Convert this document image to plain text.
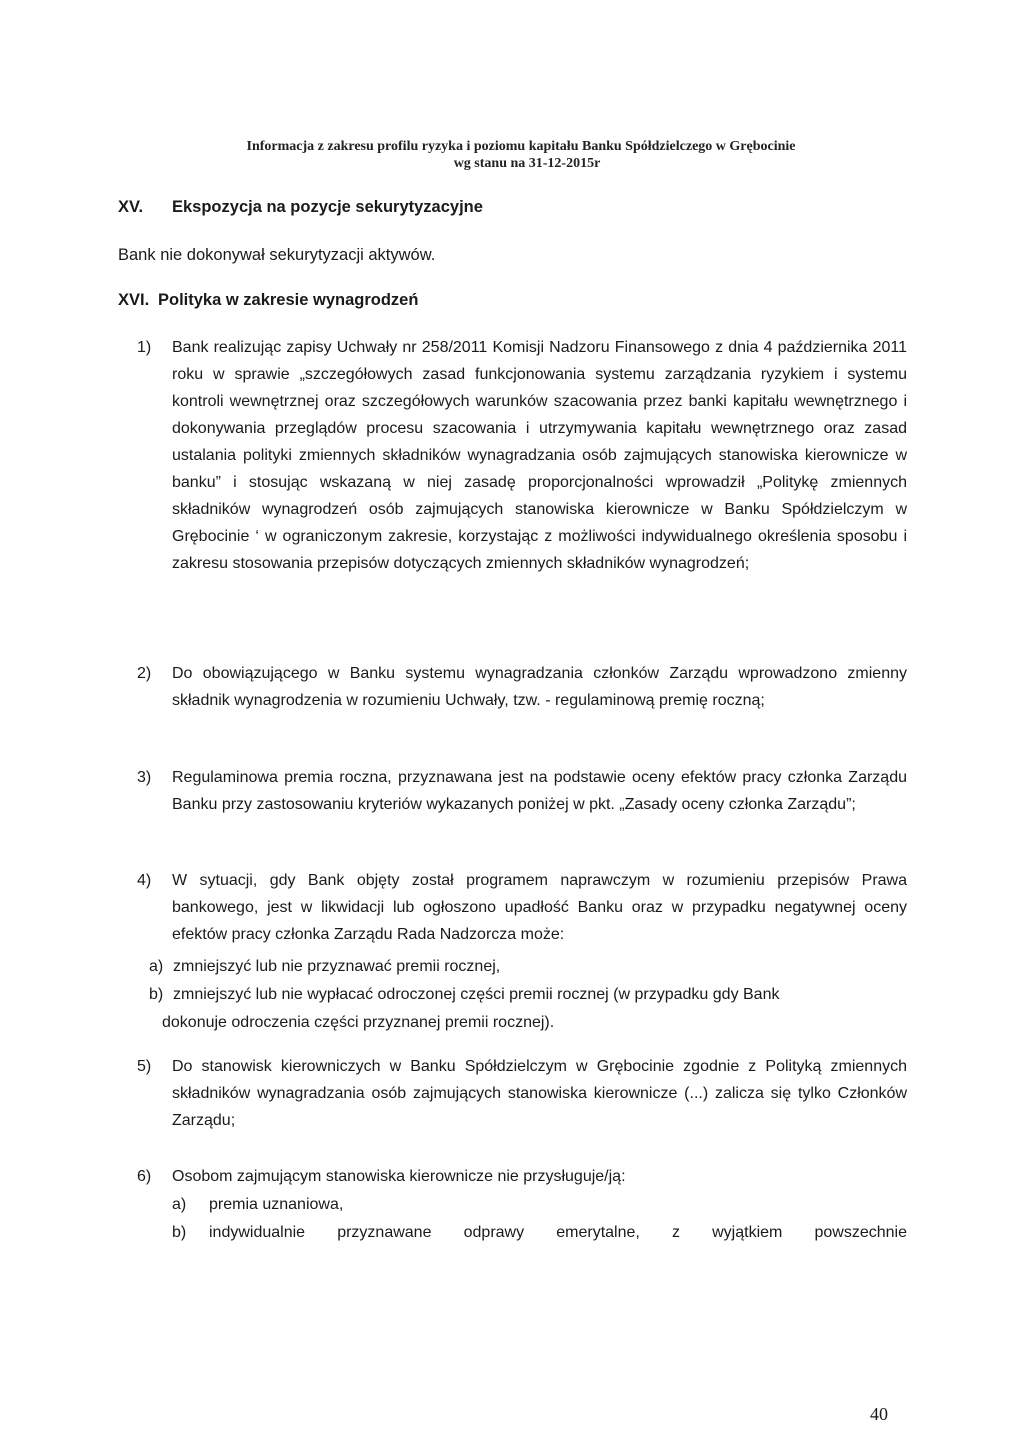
Informacja z zakresu profilu ryzyka i poziomu kapitału Banku Spółdzielczego w Grębocinie
wg stanu na 31-12-2015r
XV. Ekspozycja na pozycje sekurytyzacyjne
Bank nie dokonywał sekurytyzacji aktywów.
XVI. Polityka w zakresie wynagrodzeń
1) Bank realizując zapisy Uchwały nr 258/2011 Komisji Nadzoru Finansowego z dnia 4 października 2011 roku w sprawie „szczegółowych zasad funkcjonowania systemu zarządzania ryzykiem i systemu kontroli wewnętrznej oraz szczegółowych warunków szacowania przez banki kapitału wewnętrznego i dokonywania przeglądów procesu szacowania i utrzymywania kapitału wewnętrznego oraz zasad ustalania polityki zmiennych składników wynagradzania osób zajmujących stanowiska kierownicze w banku” i stosując wskazaną w niej zasadę proporcjonalności wprowadził „Politykę zmiennych składników wynagrodzeń osób zajmujących stanowiska kierownicze w Banku Spółdzielczym w Grębocinie ‘ w ograniczonym zakresie, korzystając z możliwości indywidualnego określenia sposobu i zakresu stosowania przepisów dotyczących zmiennych składników wynagrodzeń;
2) Do obowiązującego w Banku systemu wynagradzania członków Zarządu wprowadzono zmienny składnik wynagrodzenia w rozumieniu Uchwały, tzw. - regulaminową premię roczną;
3) Regulaminowa premia roczna, przyznawana jest na podstawie oceny efektów pracy członka Zarządu Banku przy zastosowaniu kryteriów wykazanych poniżej w pkt. „Zasady oceny członka Zarządu”;
4) W sytuacji, gdy Bank objęty został programem naprawczym w rozumieniu przepisów Prawa bankowego, jest w likwidacji lub ogłoszono upadłość Banku oraz w przypadku negatywnej oceny efektów pracy członka Zarządu Rada Nadzorcza może:
a) zmniejszyć lub nie przyznawać premii rocznej,
b) zmniejszyć lub nie wypłacać odroczonej części premii rocznej (w przypadku gdy Bank
dokonuje odroczenia części przyznanej premii rocznej).
5) Do stanowisk kierowniczych w Banku Spółdzielczym w Grębocinie zgodnie z Polityką zmiennych składników wynagradzania osób zajmujących stanowiska kierownicze (...) zalicza się tylko Członków Zarządu;
6) Osobom zajmującym stanowiska kierownicze nie przysługuje/ją:
a) premia uznaniowa,
b) indywidualnie przyznawane odprawy emerytalne, z wyjątkiem powszechnie
40
